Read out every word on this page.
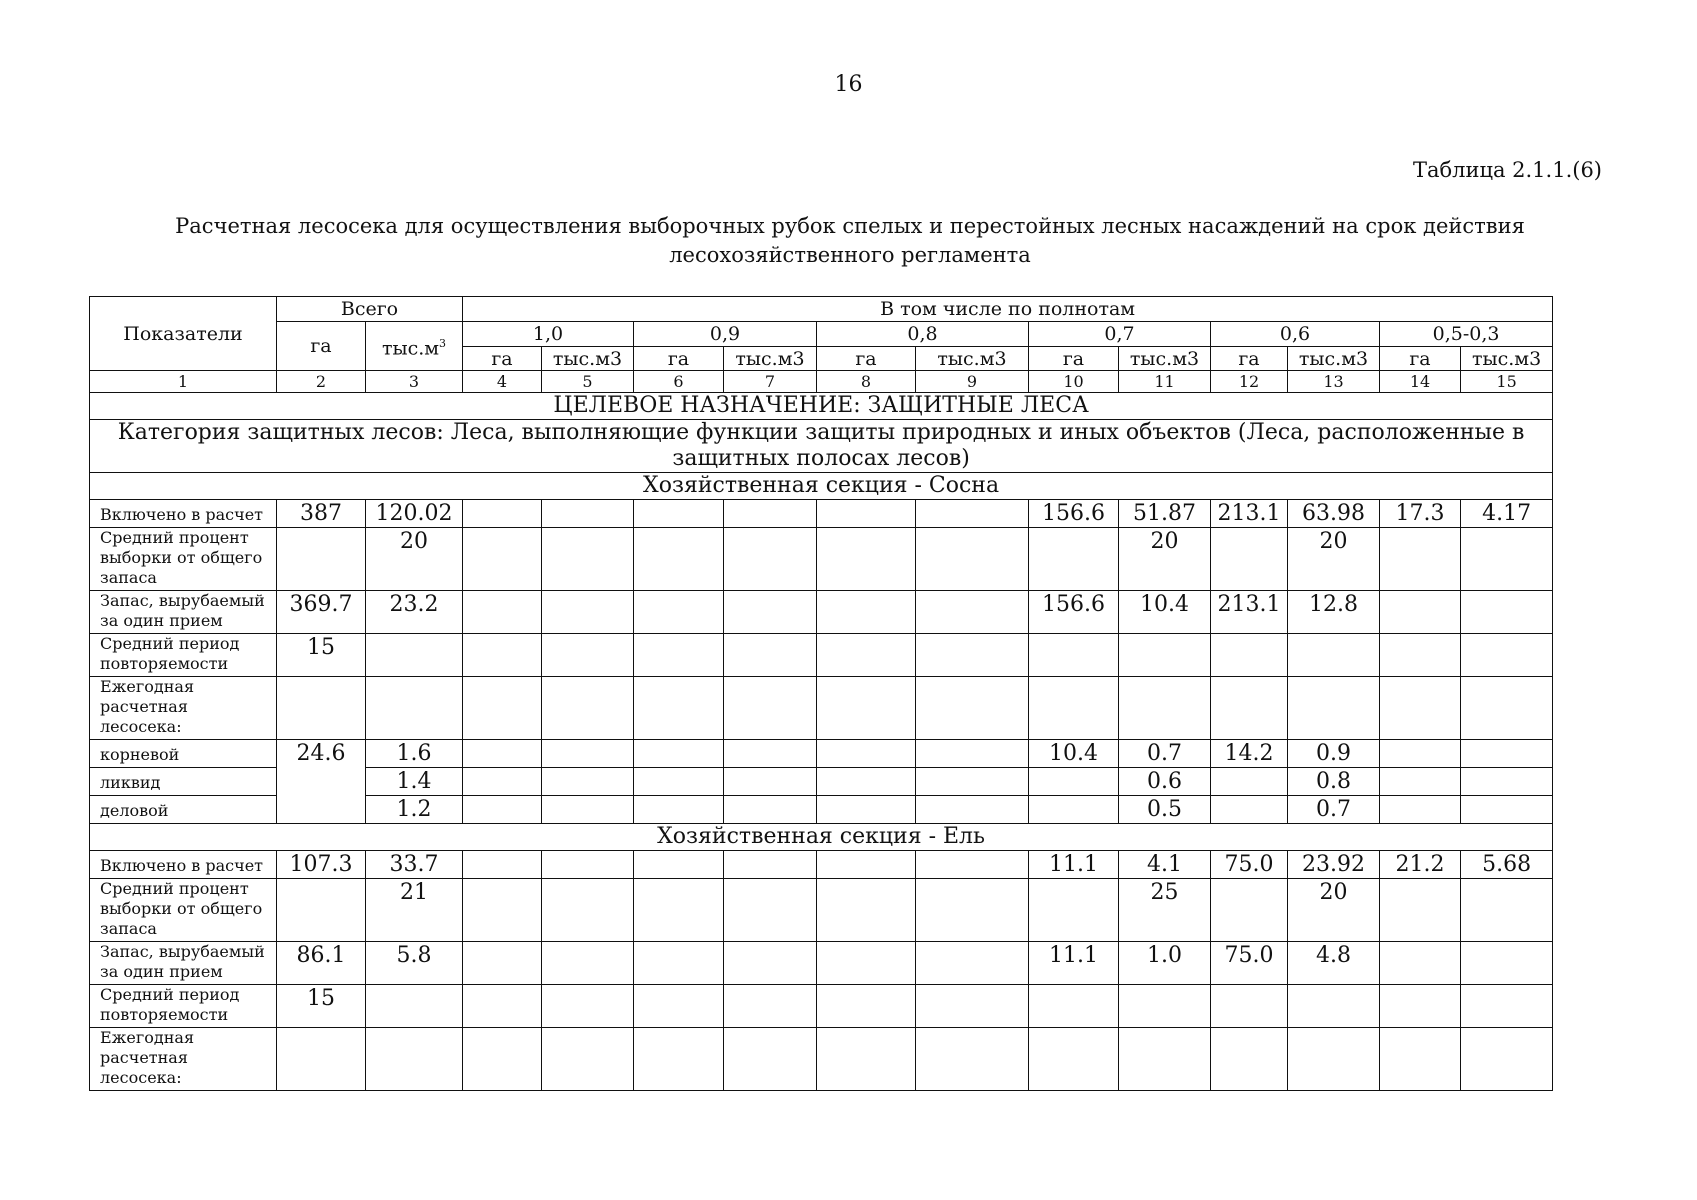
16
Таблица 2.1.1.(6)
Расчетная лесосека для осуществления выборочных рубок спелых и перестойных лесных насаждений на срок действия лесохозяйственного регламента
Показатели	Всего		В том числе по полнотам											
	га	$тыс.м^3$	1,0		0,9		0,8		0,7		0,6		0,5-0,3	
			га	тыс.м3	га	тыс.м3	га	тыс.м3	га	тыс.м3	га	тыс.м3	га	тыс.м3
1	2	3	4	5	6	7	8	9	10	11	12	13	14	15
ЦЕЛЕВОЕ НАЗНАЧЕНИЕ: ЗАЩИТНЫЕ ЛЕСА														
Категория защитных лесов: Леса, выполняющие функции защиты природных и иных объектов (Леса, расположенные в защитных полосах лесов)														
Хозяйственная секция - Сосна														
Включено в расчет	387	120.02							156.6	51.87	213.1	63.98	17.3	4.17
Средний процент выборки от общего запаса		20								20		20		
Запас, вырубаемый за один прием	369.7	23.2							156.6	10.4	213.1	12.8		
Средний период повторяемости	15													
Ежегодная расчетная лесосека:														
корневой	24.6	1.6							10.4	0.7	14.2	0.9		
ликвид		1.4								0.6		0.8		
деловой		1.2								0.5		0.7		
Хозяйственная секция - Ель														
Включено в расчет	107.3	33.7							11.1	4.1	75.0	23.92	21.2	5.68
Средний процент выборки от общего запаса		21								25		20		
Запас, вырубаемый за один прием	86.1	5.8							11.1	1.0	75.0	4.8		
Средний период повторяемости	15													
Ежегодная расчетная лесосека:														
